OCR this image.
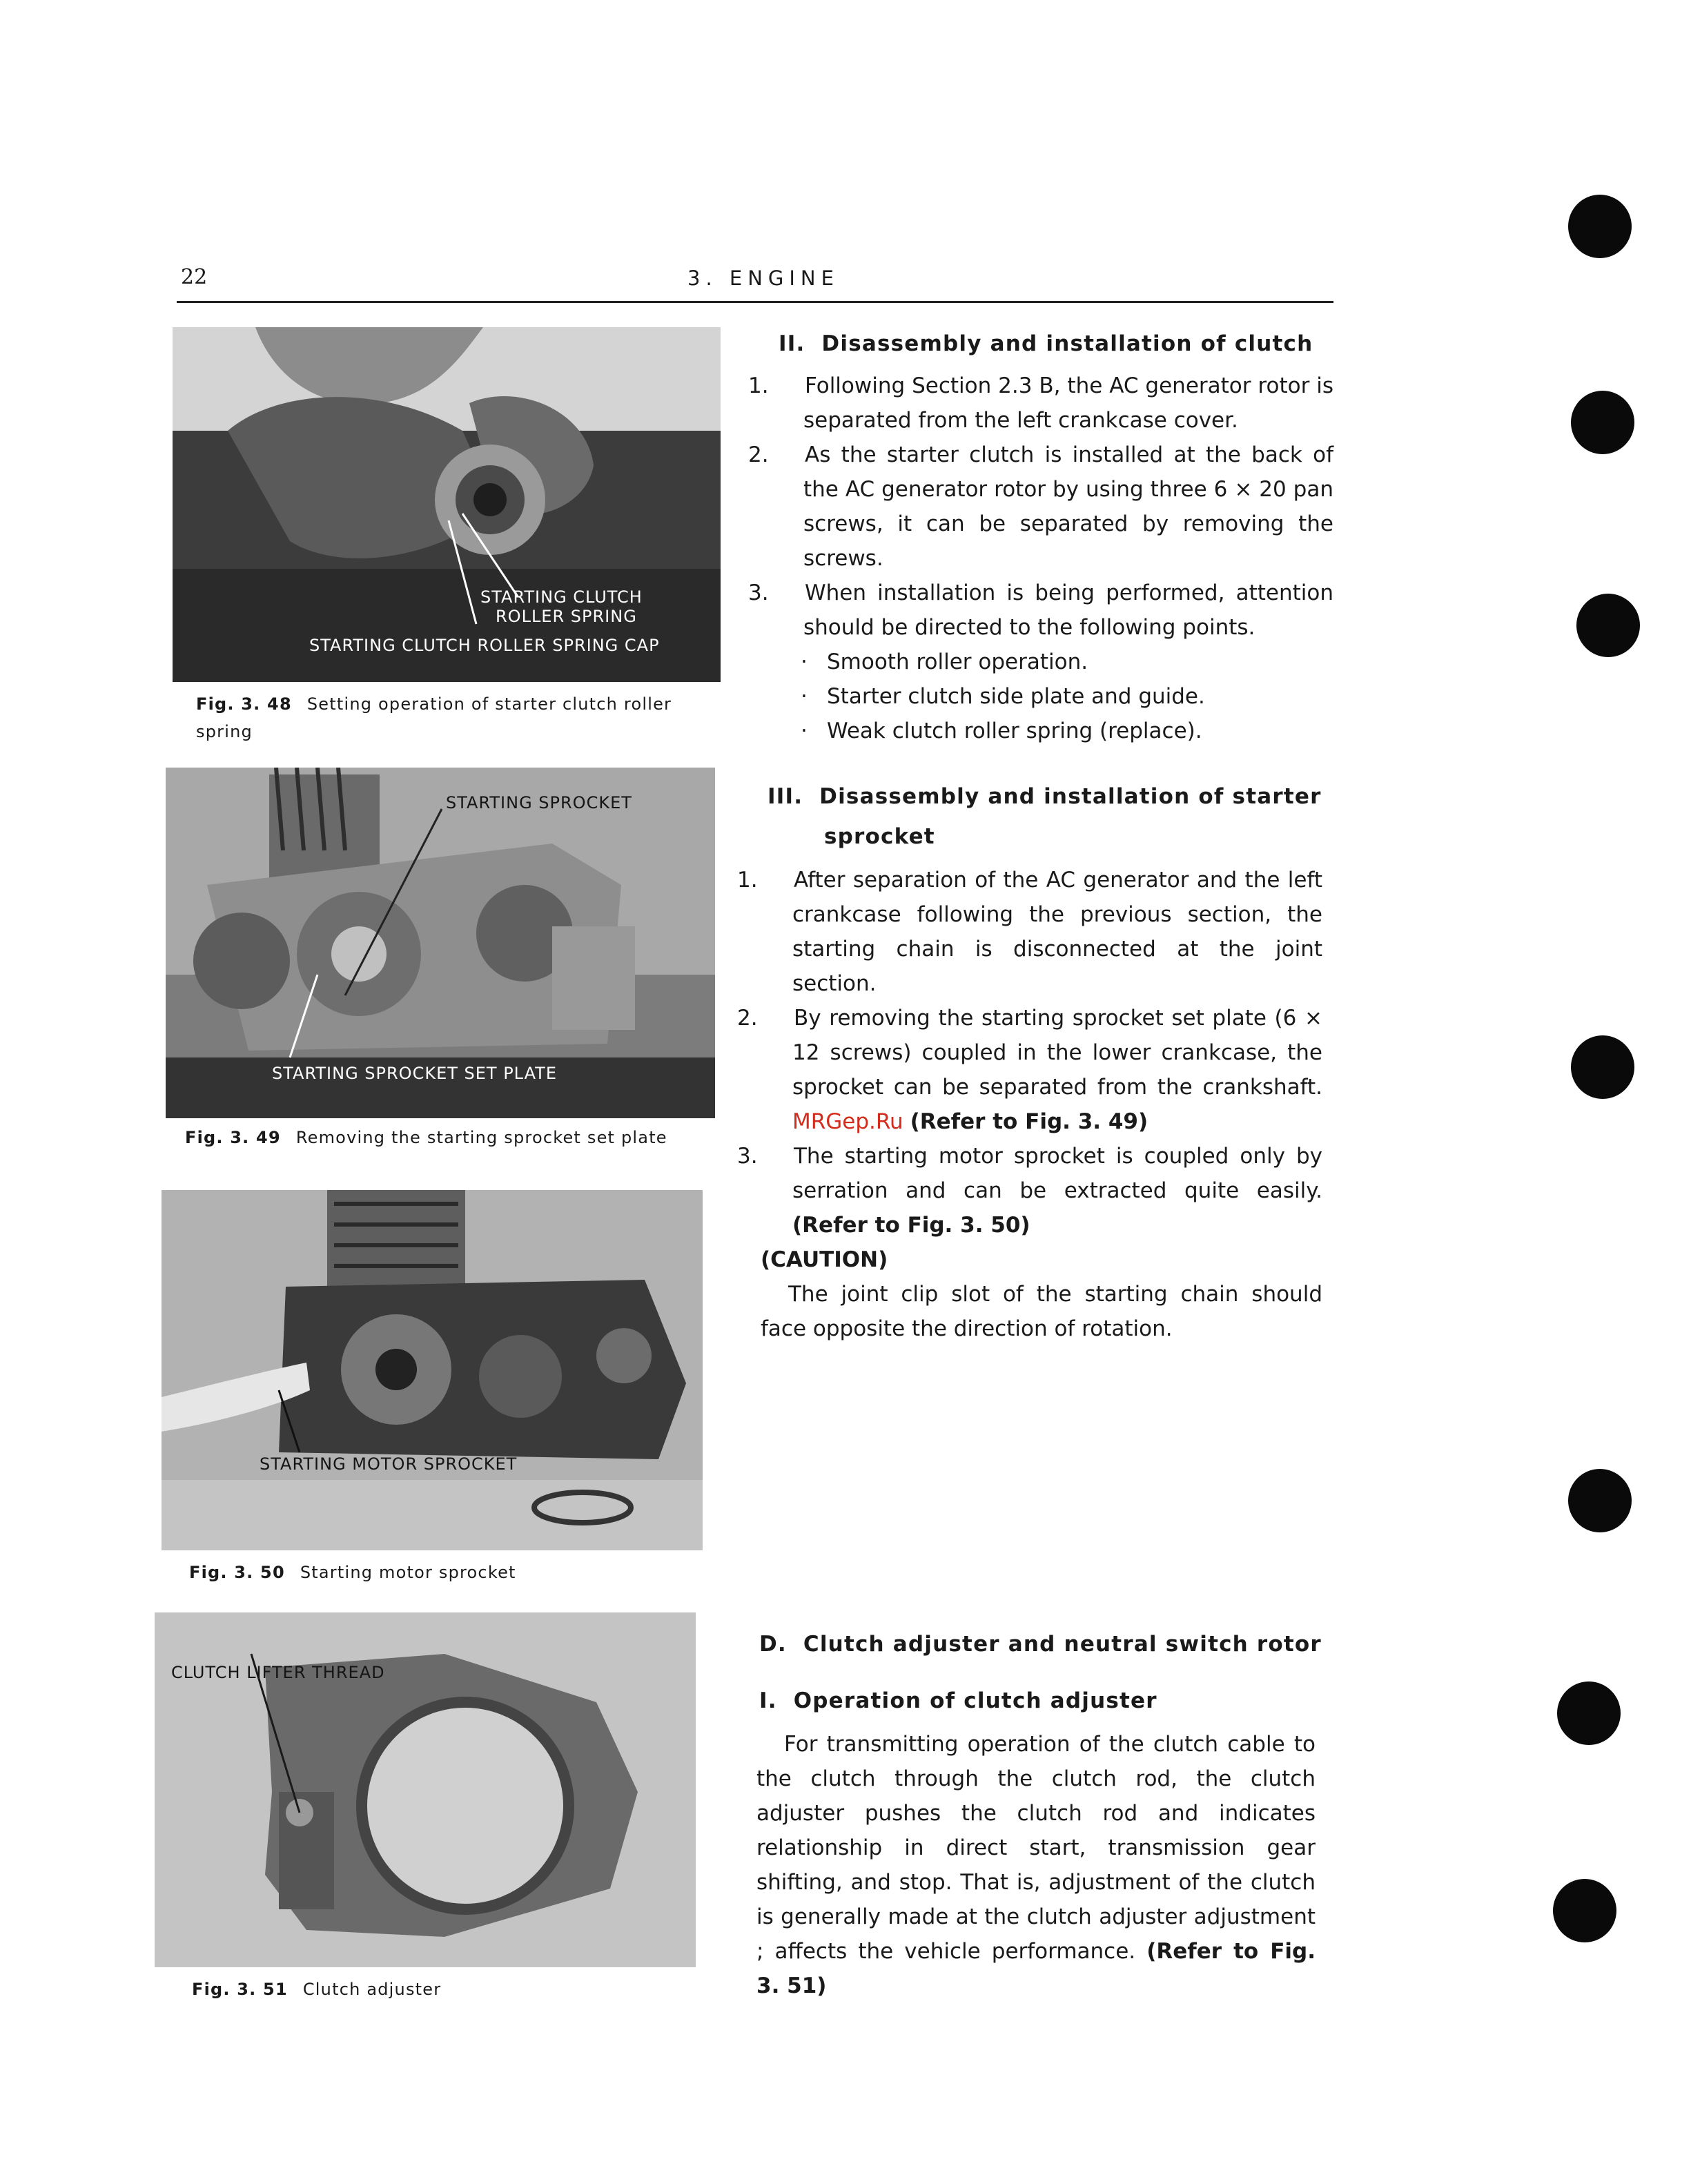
22	3. ENGINE
STARTING CLUTCH
ROLLER SPRING
STARTING CLUTCH ROLLER SPRING CAP
Fig. 3. 48 Setting operation of starter clutch roller spring
STARTING SPROCKET
STARTING SPROCKET SET PLATE
Fig. 3. 49 Removing the starting sprocket set plate
STARTING MOTOR SPROCKET
Fig. 3. 50 Starting motor sprocket
CLUTCH LIFTER THREAD
Fig. 3. 51 Clutch adjuster
II.  Disassembly and installation of clutch
1. Following Section 2.3 B, the AC generator rotor is separated from the left crankcase cover.
2. As the starter clutch is installed at the back of the AC generator rotor by using three 6 × 20 pan screws, it can be separated by removing the screws.
3. When installation is being performed, attention should be directed to the following points.
· Smooth roller operation.
· Starter clutch side plate and guide.
· Weak clutch roller spring (replace).
III.  Disassembly and installation of starter
sprocket
1. After separation of the AC generator and the left crankcase following the previous section, the starting chain is disconnected at the joint section.
2. By removing the starting sprocket set plate (6 × 12 screws) coupled in the lower crankcase, the sprocket can be separated from the crankshaft. MRGep.Ru (Refer to Fig. 3. 49)
3. The starting motor sprocket is coupled only by serration and can be extracted quite easily. (Refer to Fig. 3. 50)
(CAUTION)
The joint clip slot of the starting chain should face opposite the direction of rotation.
D.  Clutch adjuster and neutral switch rotor
I.  Operation of clutch adjuster
For transmitting operation of the clutch cable to the clutch through the clutch rod, the clutch adjuster pushes the clutch rod and indicates relationship in direct start, transmission gear shifting, and stop. That is, adjustment of the clutch is generally made at the clutch adjuster adjustment ; affects the vehicle performance. (Refer to Fig. 3. 51)
